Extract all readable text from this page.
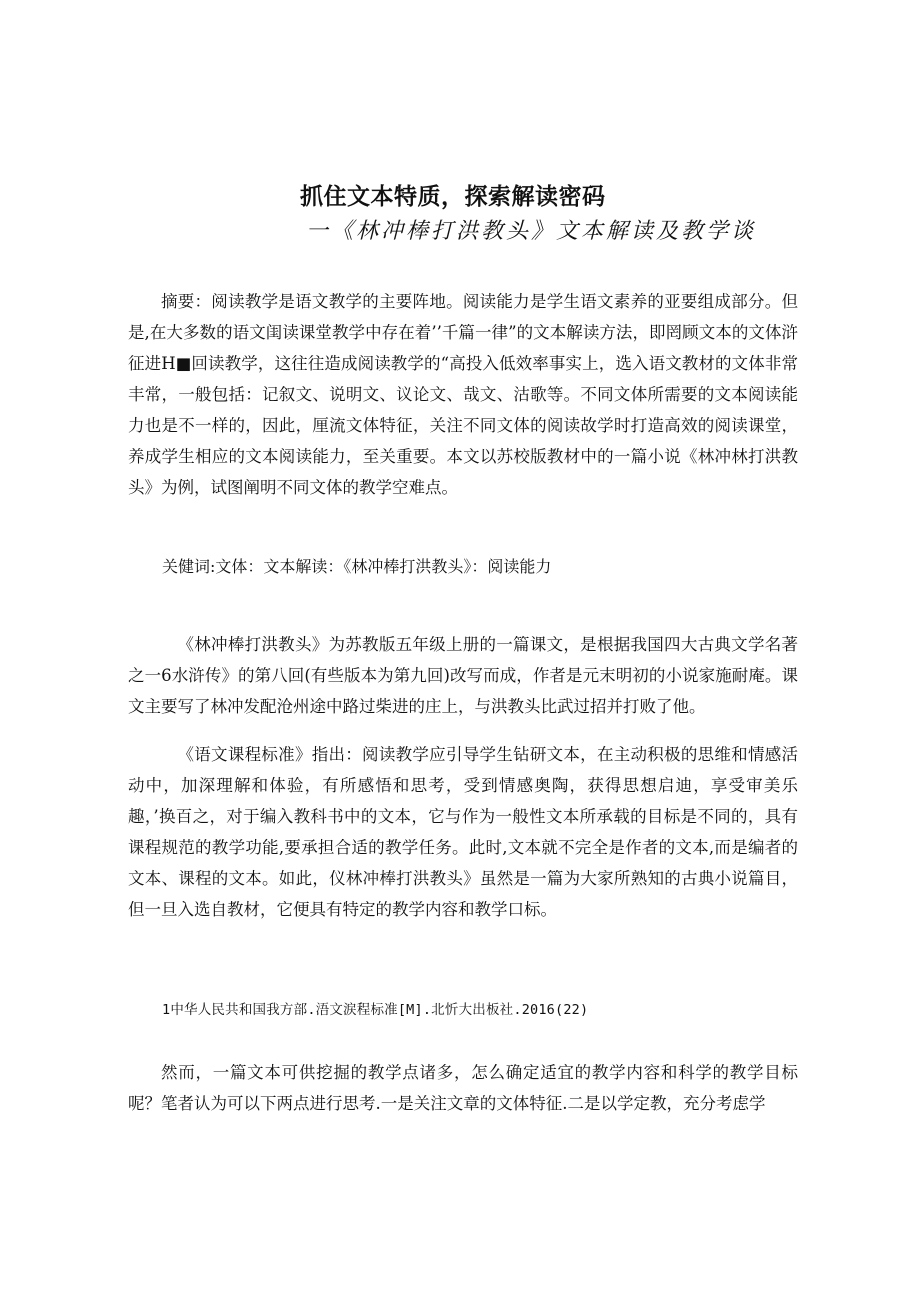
抓住文本特质，探索解读密码
一《林冲棒打洪教头》文本解读及教学谈

摘要：阅读教学是语文教学的主要阵地。阅读能力是学生语文素养的亚要组成部分。但是,在大多数的语文闺读课堂教学中存在着’’千篇一律”的文本解读方法，即罔顾文本的文体浒征进H■回读教学，这往往造成阅读教学的“高投入低效率事实上，选入语文教材的文体非常丰常，一般包括：记叙文、说明文、议论文、哉文、沽歌等。不同文体所需要的文本阅读能力也是不一样的，因此，厘流文体特征，关注不同文体的阅读故学时打造高效的阅读课堂，养成学生相应的文本阅读能力，至关重要。本文以苏校版教材中的一篇小说《林冲林打洪教头》为例，试图阐明不同文体的教学空难点。

关健词:文体：文本解读：《林冲棒打洪教头》：阅读能力

《林冲棒打洪教头》为苏教版五年级上册的一篇课文，是根据我国四大古典文学名著之一6水浒传》的第八回(有些版本为第九回)改写而成，作者是元末明初的小说家施耐庵。课文主要写了林冲发配沧州途中路过柴进的庄上，与洪教头比武过招并打败了他。

《语文课程标准》指出：阅读教学应引导学生钻研文本，在主动积极的思维和情感活动中，加深理解和体验，有所感悟和思考，受到情感奥陶，获得思想启迪，享受审美乐趣，’换百之，对于编入教科书中的文本，它与作为一般性文本所承载的目标是不同的，具有课程规范的教学功能,要承担合适的教学任务。此时,文本就不完全是作者的文本,而是编者的文本、课程的文本。如此，仪林冲棒打洪教头》虽然是一篇为大家所熟知的古典小说篇目，但一旦入选自教材，它便具有特定的教学内容和教学口标。

1中华人民共和国我方部.浯文涙程标准[M].北忻大出板社.2016(22)

然而，一篇文本可供挖掘的教学点诸多，怎么确定适宜的教学内容和科学的教学目标呢？笔者认为可以下两点进行思考.一是关注文章的文体特征.二是以学定教，充分考虑学
